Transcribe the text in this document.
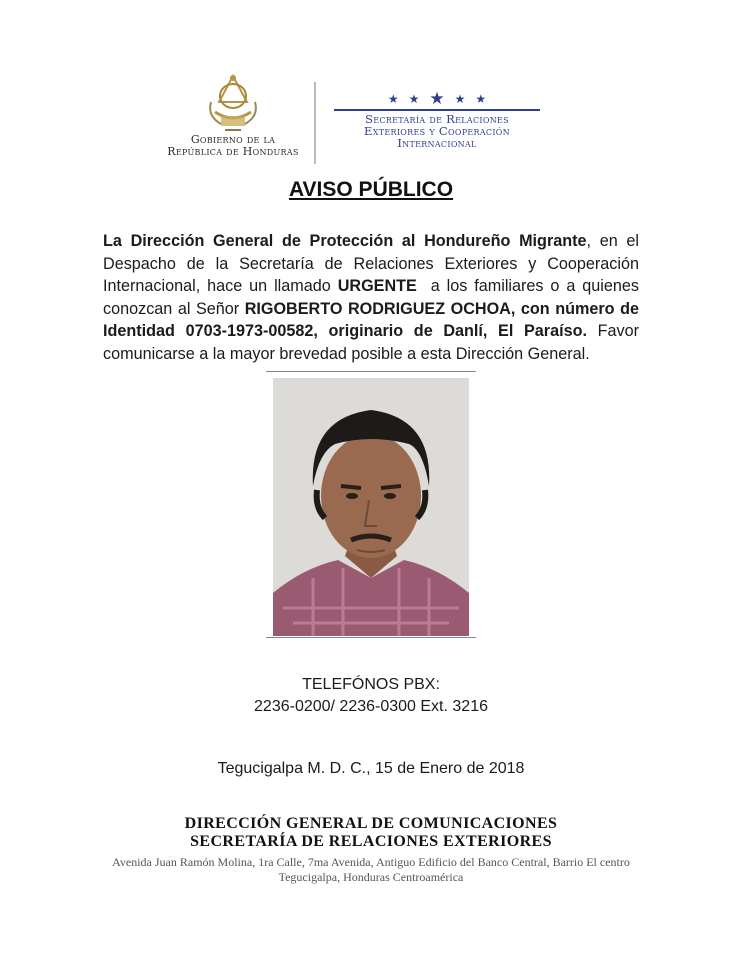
Gobierno de la
República de Honduras
★ ★ ★ ★ ★
Secretaría de Relaciones
Exteriores y Cooperación
Internacional
AVISO PÚBLICO
La Dirección General de Protección al Hondureño Migrante, en el Despacho de la Secretaría de Relaciones Exteriores y Cooperación Internacional, hace un llamado URGENTE  a los familiares o a quienes conozcan al Señor RIGOBERTO RODRIGUEZ OCHOA, con número de Identidad 0703-1973-00582, originario de Danlí, El Paraíso. Favor comunicarse a la mayor brevedad posible a esta Dirección General.
TELEFÓNOS PBX:
2236-0200/ 2236-0300 Ext. 3216
Tegucigalpa M. D. C., 15 de Enero de 2018
DIRECCIÓN GENERAL DE COMUNICACIONES
SECRETARÍA DE RELACIONES EXTERIORES
Avenida Juan Ramón Molina, 1ra Calle, 7ma Avenida, Antiguo Edificio del Banco Central, Barrio El centro
Tegucigalpa, Honduras Centroamérica
